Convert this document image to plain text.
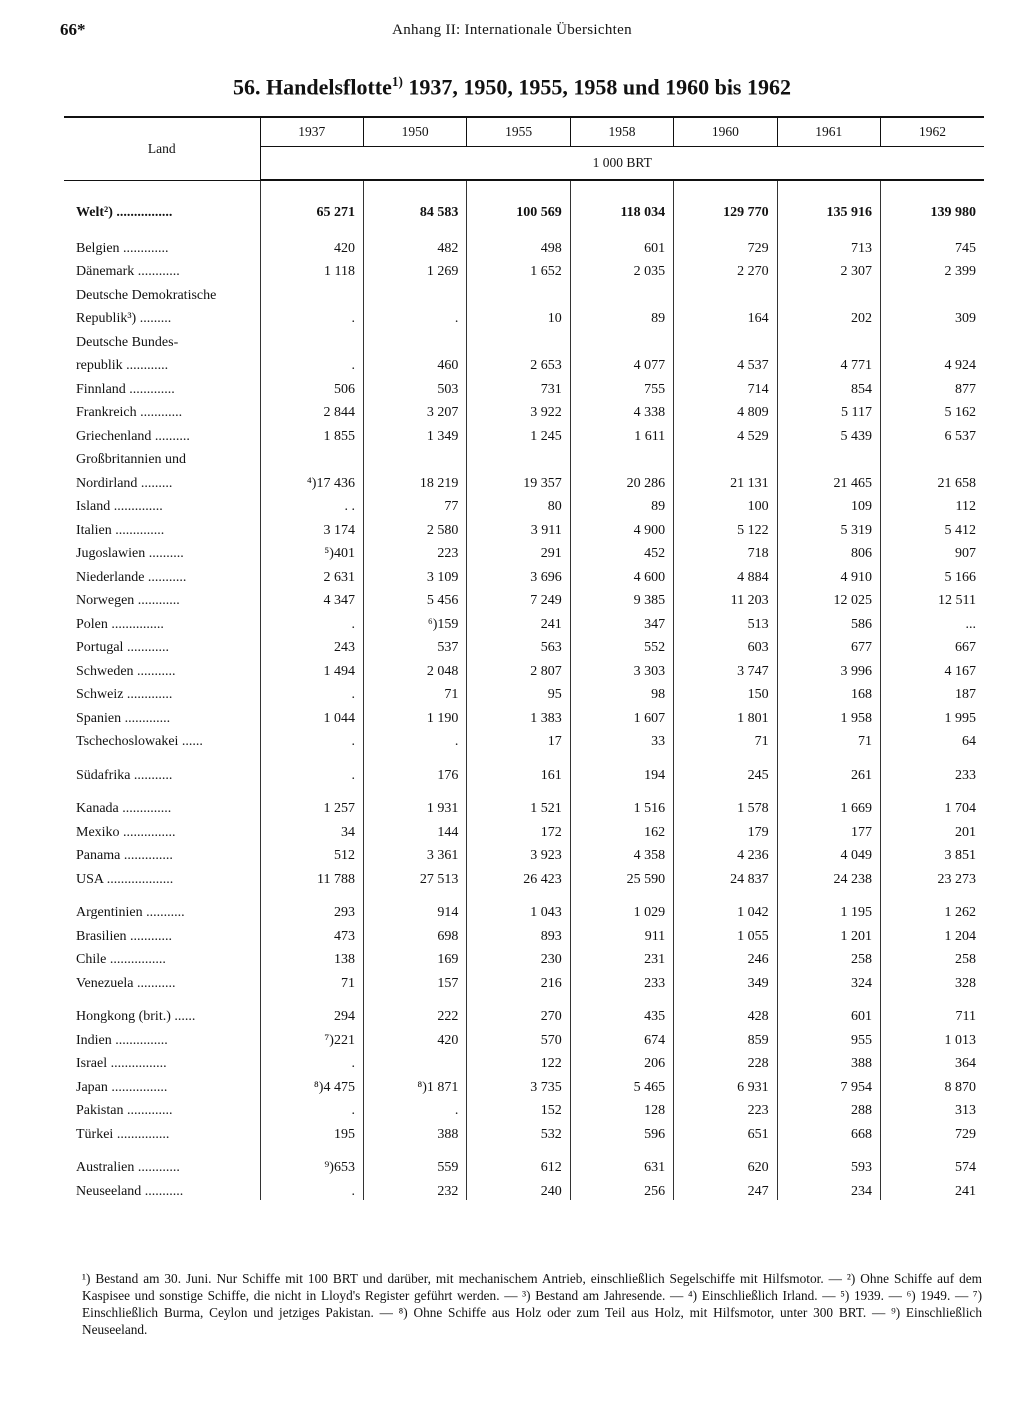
66*	Anhang II: Internationale Übersichten
56. Handelsflotte$^{1)}$ 1937, 1950, 1955, 1958 und 1960 bis 1962
Land	1937	1950	1955	1958	1960	1961	1962
	1 000 BRT						

Welt²) ................	65 271	84 583	100 569	118 034	129 770	135 916	139 980
Belgien .............	420	482	498	601	729	713	745
Dänemark ............	1 118	1 269	1 652	2 035	2 270	2 307	2 399
Deutsche Demokratische							
Republik³) .........	.	.	10	89	164	202	309
Deutsche Bundes-							
republik ............	.	460	2 653	4 077	4 537	4 771	4 924
Finnland .............	506	503	731	755	714	854	877
Frankreich ............	2 844	3 207	3 922	4 338	4 809	5 117	5 162
Griechenland ..........	1 855	1 349	1 245	1 611	4 529	5 439	6 537
Großbritannien und							
Nordirland .........	⁴)17 436	18 219	19 357	20 286	21 131	21 465	21 658
Island ..............	. .	77	80	89	100	109	112
Italien ..............	3 174	2 580	3 911	4 900	5 122	5 319	5 412
Jugoslawien ..........	⁵)401	223	291	452	718	806	907
Niederlande ...........	2 631	3 109	3 696	4 600	4 884	4 910	5 166
Norwegen ............	4 347	5 456	7 249	9 385	11 203	12 025	12 511
Polen ...............	.	⁶)159	241	347	513	586	...
Portugal ............	243	537	563	552	603	677	667
Schweden ...........	1 494	2 048	2 807	3 303	3 747	3 996	4 167
Schweiz .............	.	71	95	98	150	168	187
Spanien .............	1 044	1 190	1 383	1 607	1 801	1 958	1 995
Tschechoslowakei ......	.	.	17	33	71	71	64

Südafrika ...........	.	176	161	194	245	261	233

Kanada ..............	1 257	1 931	1 521	1 516	1 578	1 669	1 704
Mexiko ...............	34	144	172	162	179	177	201
Panama ..............	512	3 361	3 923	4 358	4 236	4 049	3 851
USA ...................	11 788	27 513	26 423	25 590	24 837	24 238	23 273

Argentinien ...........	293	914	1 043	1 029	1 042	1 195	1 262
Brasilien ............	473	698	893	911	1 055	1 201	1 204
Chile ................	138	169	230	231	246	258	258
Venezuela ...........	71	157	216	233	349	324	328

Hongkong (brit.) ......	294	222	270	435	428	601	711
Indien ...............	⁷)221	420	570	674	859	955	1 013
Israel ................	.		122	206	228	388	364
Japan ................	⁸)4 475	⁸)1 871	3 735	5 465	6 931	7 954	8 870
Pakistan .............	.	.	152	128	223	288	313
Türkei ...............	195	388	532	596	651	668	729

Australien ............	⁹)653	559	612	631	620	593	574
Neuseeland ...........	.	232	240	256	247	234	241
¹) Bestand am 30. Juni. Nur Schiffe mit 100 BRT und darüber, mit mechanischem Antrieb, einschließlich Segelschiffe mit Hilfsmotor. — ²) Ohne Schiffe auf dem Kaspisee und sonstige Schiffe, die nicht in Lloyd's Register geführt werden. — ³) Bestand am Jahresende. — ⁴) Einschließlich Irland. — ⁵) 1939. — ⁶) 1949. — ⁷) Einschließlich Burma, Ceylon und jetziges Pakistan. — ⁸) Ohne Schiffe aus Holz oder zum Teil aus Holz, mit Hilfsmotor, unter 300 BRT. — ⁹) Einschließlich Neuseeland.
